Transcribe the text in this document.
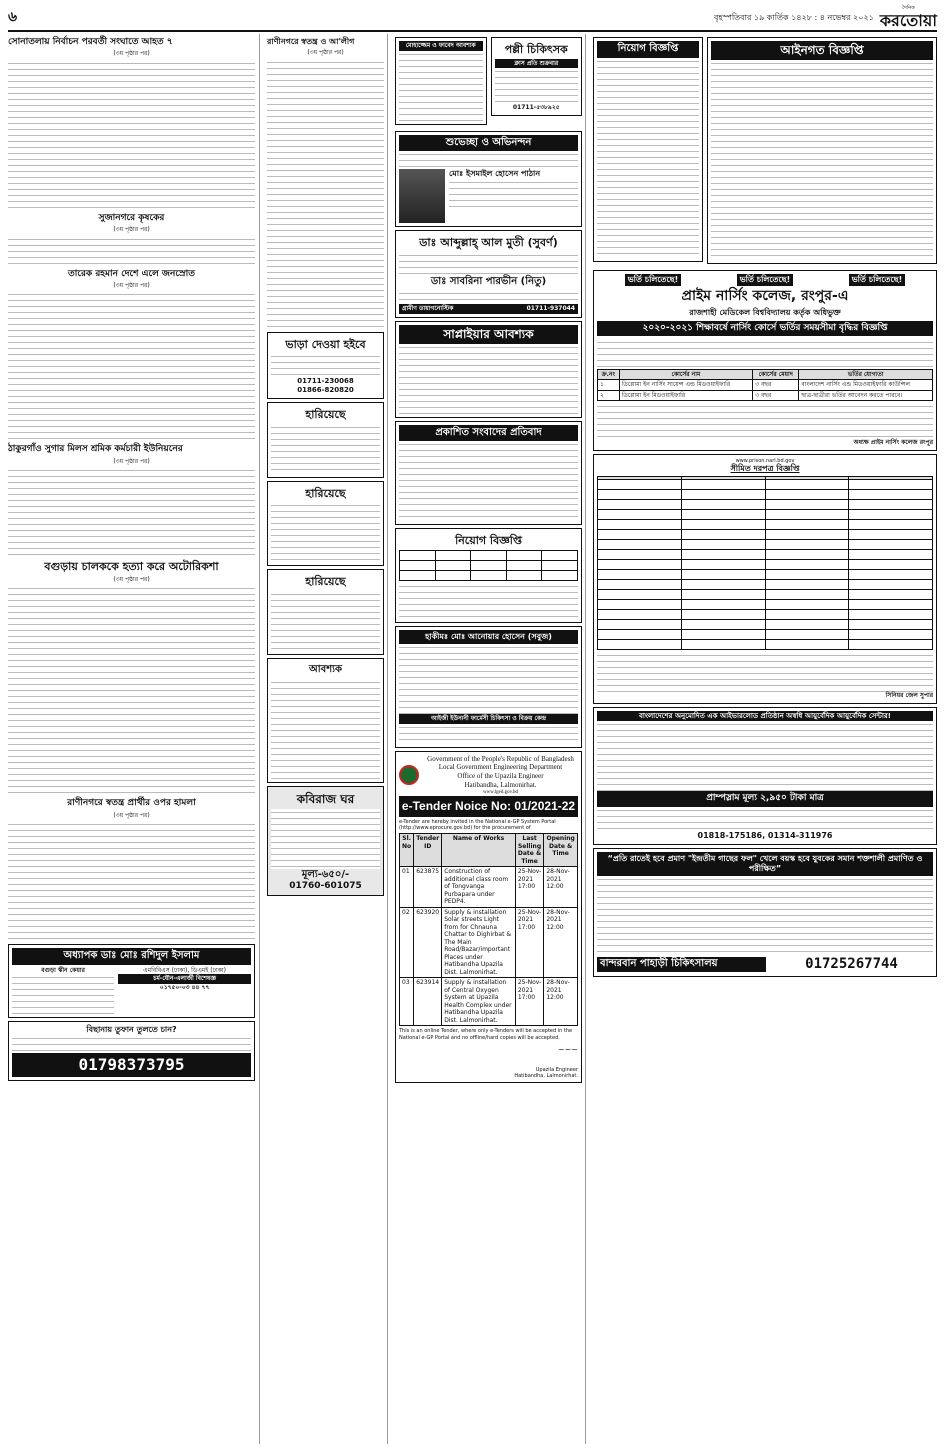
৬	বৃহস্পতিবার ১৯ কার্তিক ১৪২৮ : ৪ নভেম্বর ২০২১
দৈনিক
করতোয়া
সোনাতলায় নির্বাচন পরবর্তী সংঘাতে আহত ৭
(৩য় পৃষ্ঠার পর)
সুজানগরে কৃষকের
(৩য় পৃষ্ঠার পর)
তারেক রহমান দেশে এলে জনস্রোত
(৩য় পৃষ্ঠার পর)
ঠাকুরগাঁও সুগার মিলস শ্রমিক কর্মচারী ইউনিয়নের
(৩য় পৃষ্ঠার পর)
বগুড়ায় চালককে হত্যা করে অটোরিকশা
(৩য় পৃষ্ঠার পর)
রাণীনগরে স্বতন্ত্র প্রার্থীর ওপর হামলা
(৩য় পৃষ্ঠার পর)
অধ্যাপক ডাঃ মোঃ রশিদুল ইসলাম
বগুড়া স্কীন কেয়ার	এমবিবিএস (ঢাকা), ডিএমই (ঢাকা)
চর্ম-যৌন-এলার্জী বিশেষজ্ঞ
০১৭৫০-০৩ ৪৪ ৭৭
বিছানায় তুফান তুলতে চান?
01798373795
রাণীনগরে স্বতন্ত্র ও আ'লীগ
(৩য় পৃষ্ঠার পর)
ভাড়া দেওয়া হইবে
01711-230068
01866-820820
হারিয়েছে
হারিয়েছে
হারিয়েছে
আবশ্যক
কবিরাজ ঘর
মূল্য-৬৫০/-
01760-601075
মোহাজ্জেম ও ফাবেদ আবশ্যক	পল্লী চিকিৎসক
ক্লাস প্রতি শুক্রবার
01711-৫৩৮৯২৫
শুভেচ্ছা ও অভিনন্দন
মোঃ ইসমাইল হোসেন পাঠান
ডাঃ আব্দুল্লাহ্ আল মুতী (সুবর্ণ)
ডাঃ সাবরিনা পারভীন (নিতু)
গ্রামীণ ডায়াগনোস্টিক	01711-937044
সাপ্লাইয়ার আবশ্যক
প্রকাশিত সংবাদের প্রতিবাদ
নিয়োগ বিজ্ঞপ্তি

হাকীমঃ মোঃ আনোয়ার হোসেন (সবুজ)
আইজী ইউনানী ফার্মেসী চিকিৎসা ও বিক্রয় কেন্দ্র
Government of the People's Republic of Bangladesh
Local Government Engineering Department
Office of the Upazila Engineer
Hatibandha, Lalmonirhat.
www.lged.gov.bd
e-Tender Noice No: 01/2021-22
e-Tender are hereby invited in the National e-GP System Portal (http://www.eprocure.gov.bd) for the procurement of
Sl. No	Tender ID	Name of Works	Last Selling Date & Time	Opening Date & Time
01	623875	Construction of additional class room of Tongvanga Purbapara under PEDP4.	25-Nov-2021 17:00	28-Nov-2021 12:00
02	623920	Supply & installation Solar streets Light from for Chnauna Chattar to Dighirbat & The Main Road/Bazar/important Places under Hatibandha Upazila Dist. Lalmonirhat.	25-Nov-2021 17:00	28-Nov-2021 12:00
03	623914	Supply & installation of Central Oxygen System at Upazila Health Complex under Hatibandha Upazila Dist. Lalmonirhat.	25-Nov-2021 17:00	28-Nov-2021 12:00
This is an online Tender, where only e-Tenders will be accepted in the National e-GP Portal and no offline/hard copies will be accepted.
~~~
Upazila Engineer
Hatibandha, Lalmonirhat.
নিয়োগ বিজ্ঞপ্তি	আইনগত বিজ্ঞপ্তি
ভর্তি চলিতেছে!	ভর্তি চলিতেছে!	ভর্তি চলিতেছে!
প্রাইম নার্সিং কলেজ, রংপুর-এ
রাজশাহী মেডিকেল বিশ্ববিদ্যালয় কর্তৃক অধিভুক্ত
২০২০-২০২১ শিক্ষাবর্ষে নার্সিং কোর্সে ভর্তির সময়সীমা বৃদ্ধির বিজ্ঞপ্তি
ক্র.নং	কোর্সের নাম	কোর্সের মেয়াদ	ভর্তির যোগ্যতা
১	ডিপ্লোমা ইন নার্সিং সায়েন্স এন্ড মিডওয়াইফারি	৩ বছর	বাংলাদেশ নার্সিং এন্ড মিডওয়াইফারি কাউন্সিল
২	ডিপ্লোমা ইন মিডওয়াইফারি	৩ বছর	ছাত্র-ছাত্রীরা ভর্তির আবেদন করতে পারবে।
অধ্যক্ষ প্রাইম নার্সিং কলেজ রংপুর
www.prison.narl.bd.gov
সীমিত দরপত্র বিজ্ঞপ্তি

সিনিয়র জেল সুপার
বাংলাদেশের অনুমোদিত এক আইভারলোড প্রতিষ্ঠান অস্বধি আয়ুর্বেদিক আয়ুর্বেদিক সেন্টার!
প্রাম্পস্লাম মূল্য ২,৯৫০ টাকা মাত্র
01818-175186, 01314-311976
“প্রতি রাতেই হবে প্রমাণ "ইন্দ্রতীম গাছের ফল" খেলে বয়স্ক হবে যুবকের সমান শক্তশালী প্রমাণিত ও পরীক্ষিত”
বান্দরবান পাহাড়ী চিকিৎসালয়	01725267744
